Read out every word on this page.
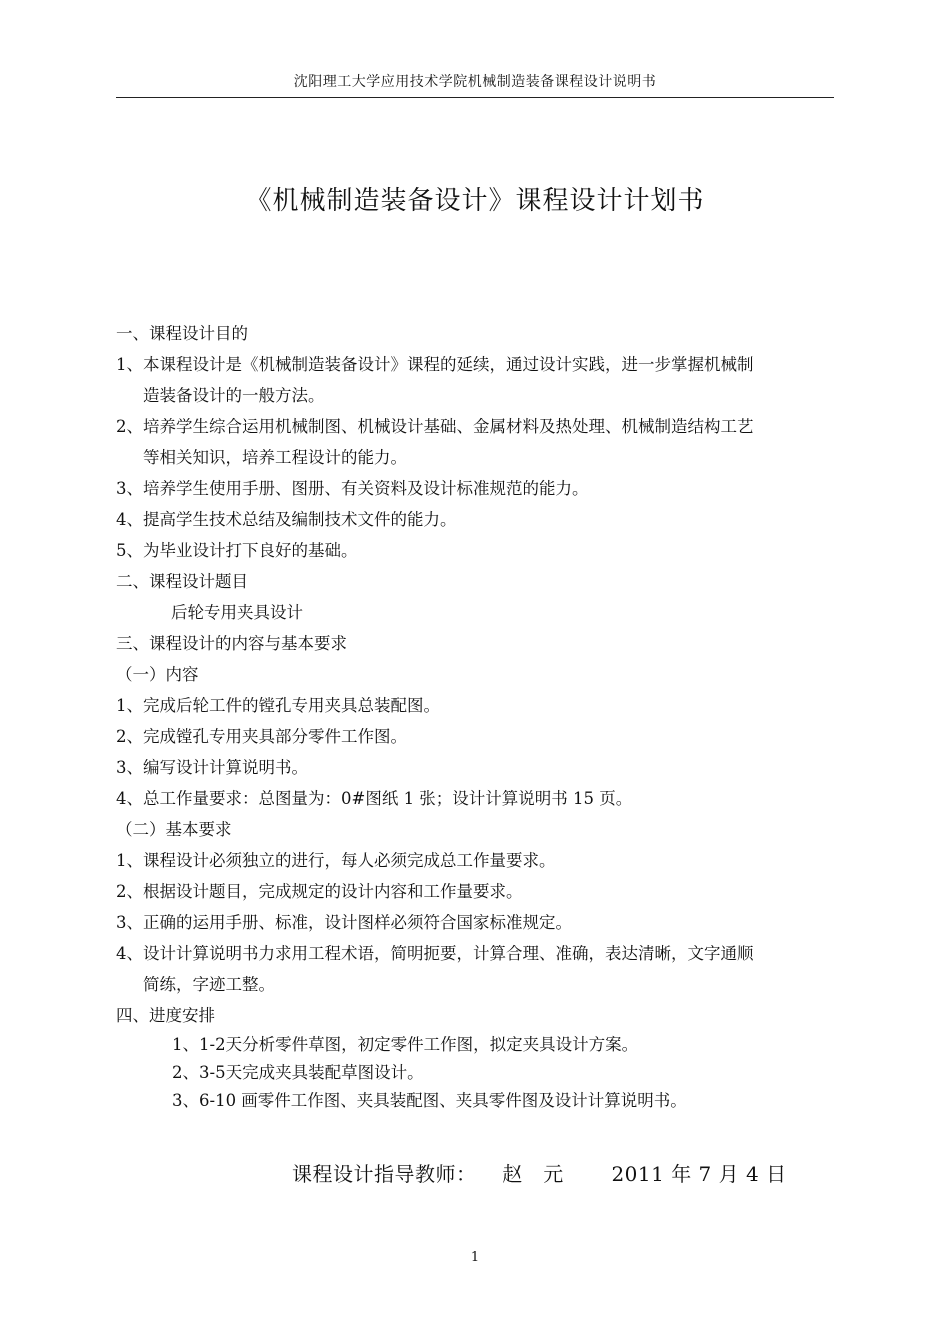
沈阳理工大学应用技术学院机械制造装备课程设计说明书
《机械制造装备设计》课程设计计划书
一、课程设计目的
1、本课程设计是《机械制造装备设计》课程的延续，通过设计实践，进一步掌握机械制
造装备设计的一般方法。
2、培养学生综合运用机械制图、机械设计基础、金属材料及热处理、机械制造结构工艺
等相关知识，培养工程设计的能力。
3、培养学生使用手册、图册、有关资料及设计标准规范的能力。
4、提高学生技术总结及编制技术文件的能力。
5、为毕业设计打下良好的基础。
二、课程设计题目
后轮专用夹具设计
三、课程设计的内容与基本要求
（一）内容
1、完成后轮工件的镗孔专用夹具总装配图。
2、完成镗孔专用夹具部分零件工作图。
3、编写设计计算说明书。
4、总工作量要求：总图量为：0#图纸 1 张；设计计算说明书 15 页。
（二）基本要求
1、课程设计必须独立的进行，每人必须完成总工作量要求。
2、根据设计题目，完成规定的设计内容和工作量要求。
3、正确的运用手册、标准，设计图样必须符合国家标准规定。
4、设计计算说明书力求用工程术语，简明扼要，计算合理、准确，表达清晰，文字通顺
简练，字迹工整。
四、进度安排
1、1-2天分析零件草图，初定零件工作图，拟定夹具设计方案。
2、3-5天完成夹具装配草图设计。
3、6-10 画零件工作图、夹具装配图、夹具零件图及设计计算说明书。
课程设计指导教师： 赵　元 2011 年 7 月 4 日
1
